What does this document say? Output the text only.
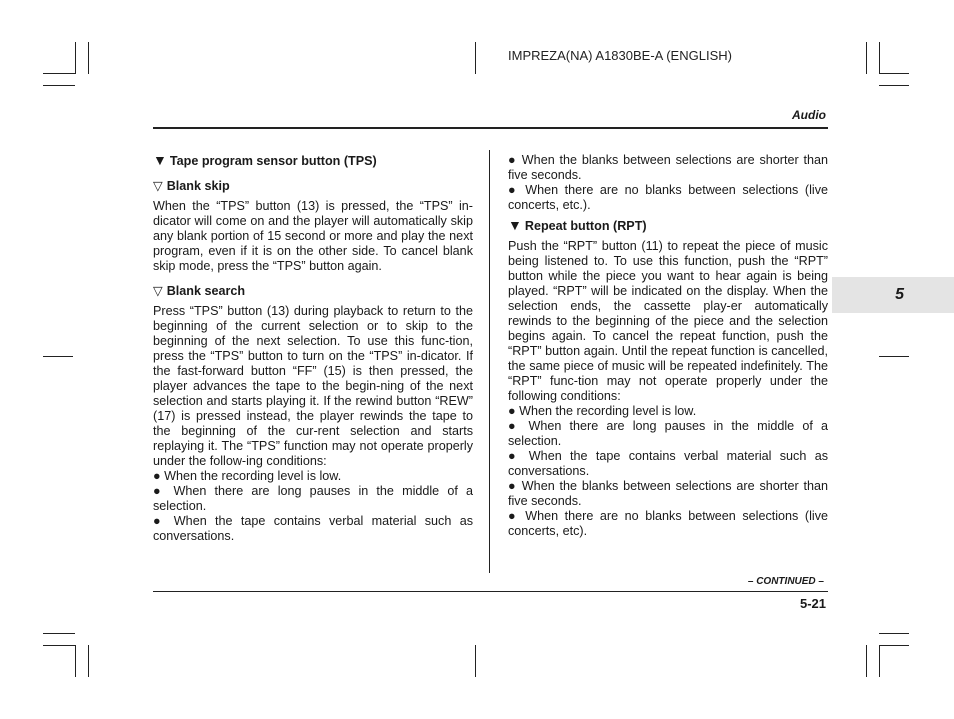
IMPREZA(NA) A1830BE-A (ENGLISH)
Audio
5
▼ Tape program sensor button (TPS)
▽ Blank skip

When the “TPS” button (13) is pressed, the “TPS” in-dicator will come on and the player will automatically skip any blank portion of 15 second or more and play the next program, even if it is on the other side. To cancel blank skip mode, press the “TPS” button again.

▽ Blank search

Press “TPS” button (13) during playback to return to the beginning of the current selection or to skip to the beginning of the next selection. To use this func-tion, press the “TPS” button to turn on the “TPS” in-dicator. If the fast-forward button “FF” (15) is then pressed, the player advances the tape to the begin-ning of the next selection and starts playing it. If the rewind button “REW” (17) is pressed instead, the player rewinds the tape to the beginning of the cur-rent selection and starts replaying it. The “TPS” function may not operate properly under the follow-ing conditions:

● When the recording level is low.

● When there are long pauses in the middle of a selection.

● When the tape contains verbal material such as conversations.

● When the blanks between selections are shorter than five seconds.

● When there are no blanks between selections (live concerts, etc.).

▼ Repeat button (RPT)

Push the “RPT” button (11) to repeat the piece of music being listened to. To use this function, push the “RPT” button while the piece you want to hear again is being played. “RPT” will be indicated on the display. When the selection ends, the cassette play-er automatically rewinds to the beginning of the piece and the selection begins again. To cancel the repeat function, push the “RPT” button again. Until the repeat function is cancelled, the same piece of music will be repeated indefinitely. The “RPT” func-tion may not operate properly under the following conditions:

● When the recording level is low.

● When there are long pauses in the middle of a selection.

● When the tape contains verbal material such as conversations.

● When the blanks between selections are shorter than five seconds.

● When there are no blanks between selections (live concerts, etc).

– CONTINUED –
5-21
